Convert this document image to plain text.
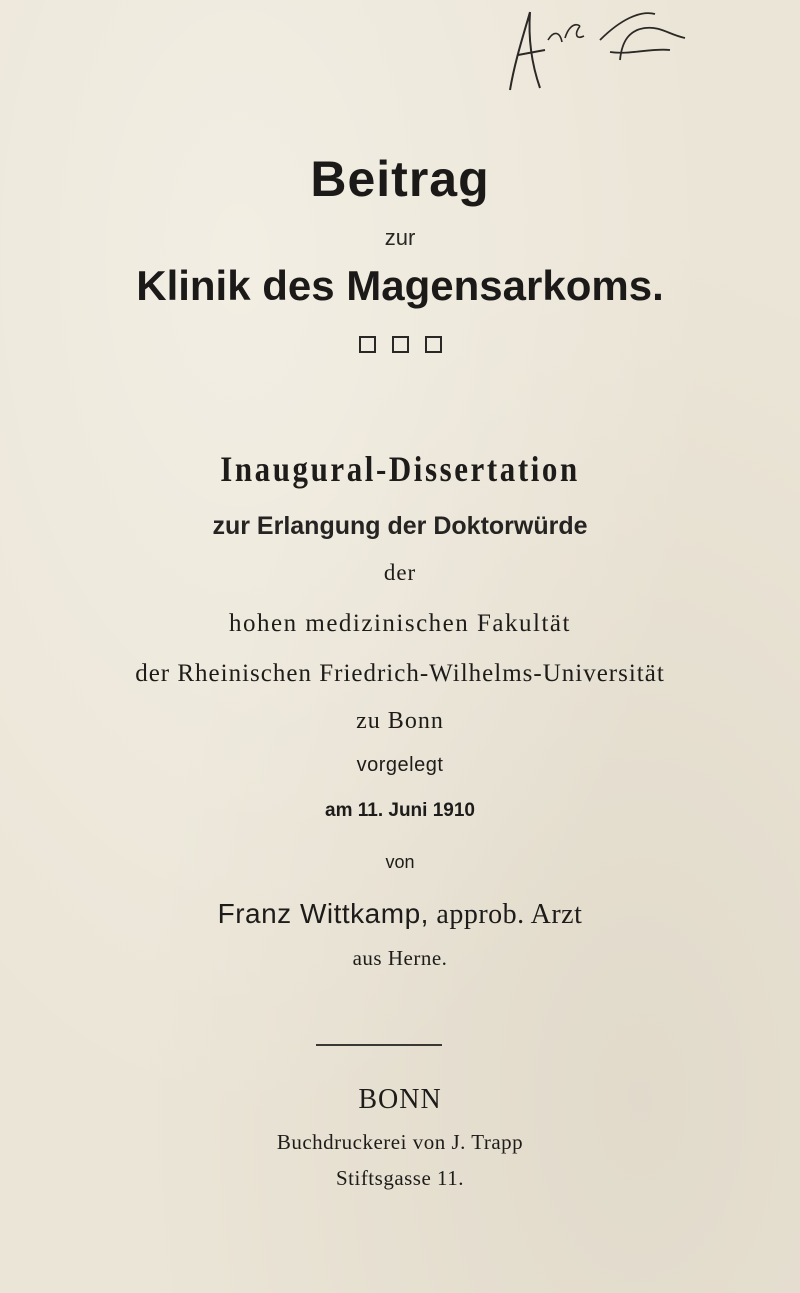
Beitrag
zur
Klinik des Magensarkoms.
Inaugural-Dissertation
zur Erlangung der Doktorwürde
der
hohen medizinischen Fakultät
der Rheinischen Friedrich-Wilhelms-Universität
zu Bonn
vorgelegt
am 11. Juni 1910
von
Franz Wittkamp, approb. Arzt
aus Herne.
BONN
Buchdruckerei von J. Trapp
Stiftsgasse 11.
